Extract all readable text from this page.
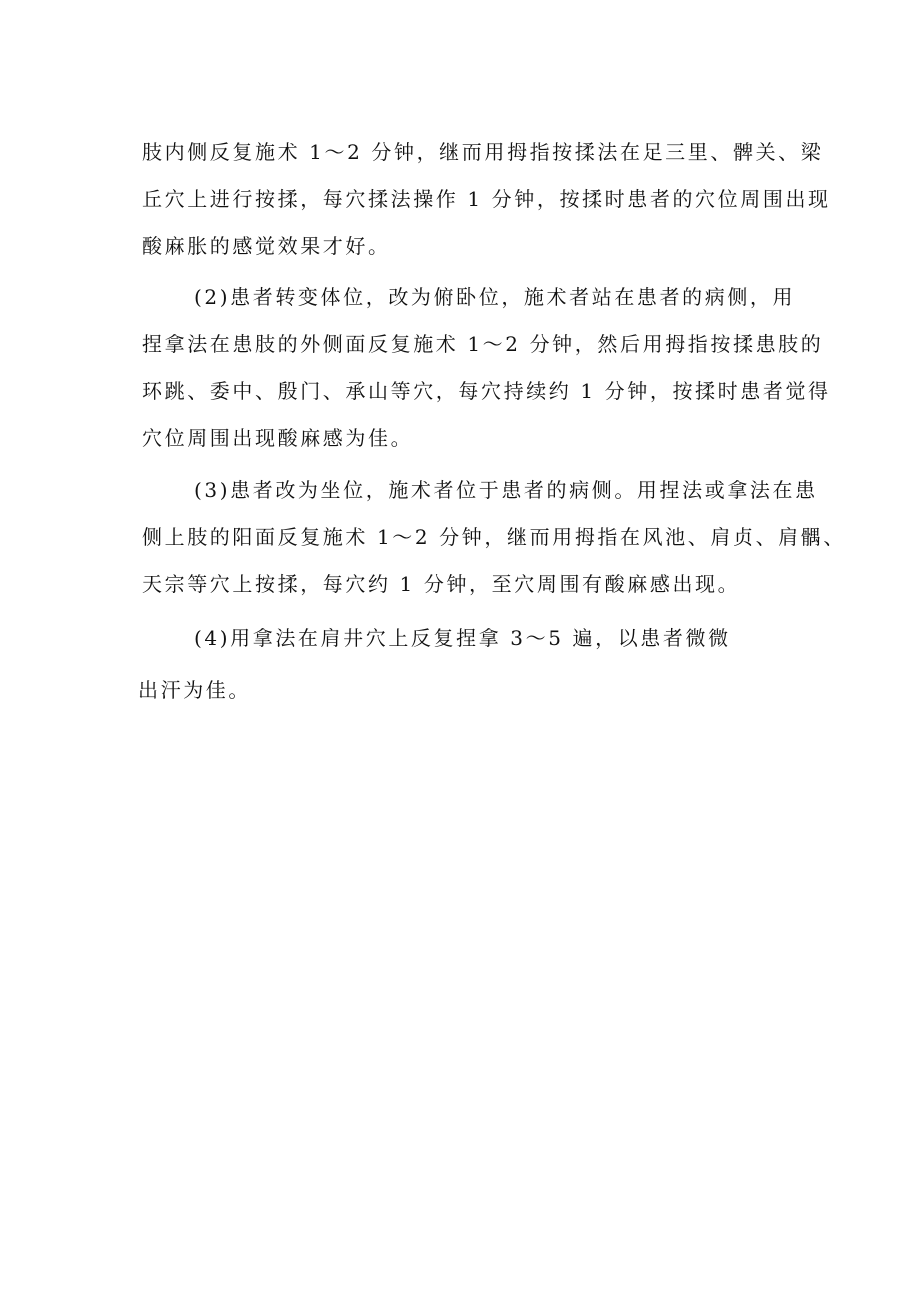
肢内侧反复施术 1～2 分钟，继而用拇指按揉法在足三里、髀关、梁
丘穴上进行按揉，每穴揉法操作 1 分钟，按揉时患者的穴位周围出现
酸麻胀的感觉效果才好。
(2)患者转变体位，改为俯卧位，施术者站在患者的病侧，用
捏拿法在患肢的外侧面反复施术 1～2 分钟，然后用拇指按揉患肢的
环跳、委中、殷门、承山等穴，每穴持续约 1 分钟，按揉时患者觉得
穴位周围出现酸麻感为佳。
(3)患者改为坐位，施术者位于患者的病侧。用捏法或拿法在患
侧上肢的阳面反复施术 1～2 分钟，继而用拇指在风池、肩贞、肩髃、
天宗等穴上按揉，每穴约 1 分钟，至穴周围有酸麻感出现。
(4)用拿法在肩井穴上反复捏拿 3～5 遍，以患者微微
出汗为佳。
